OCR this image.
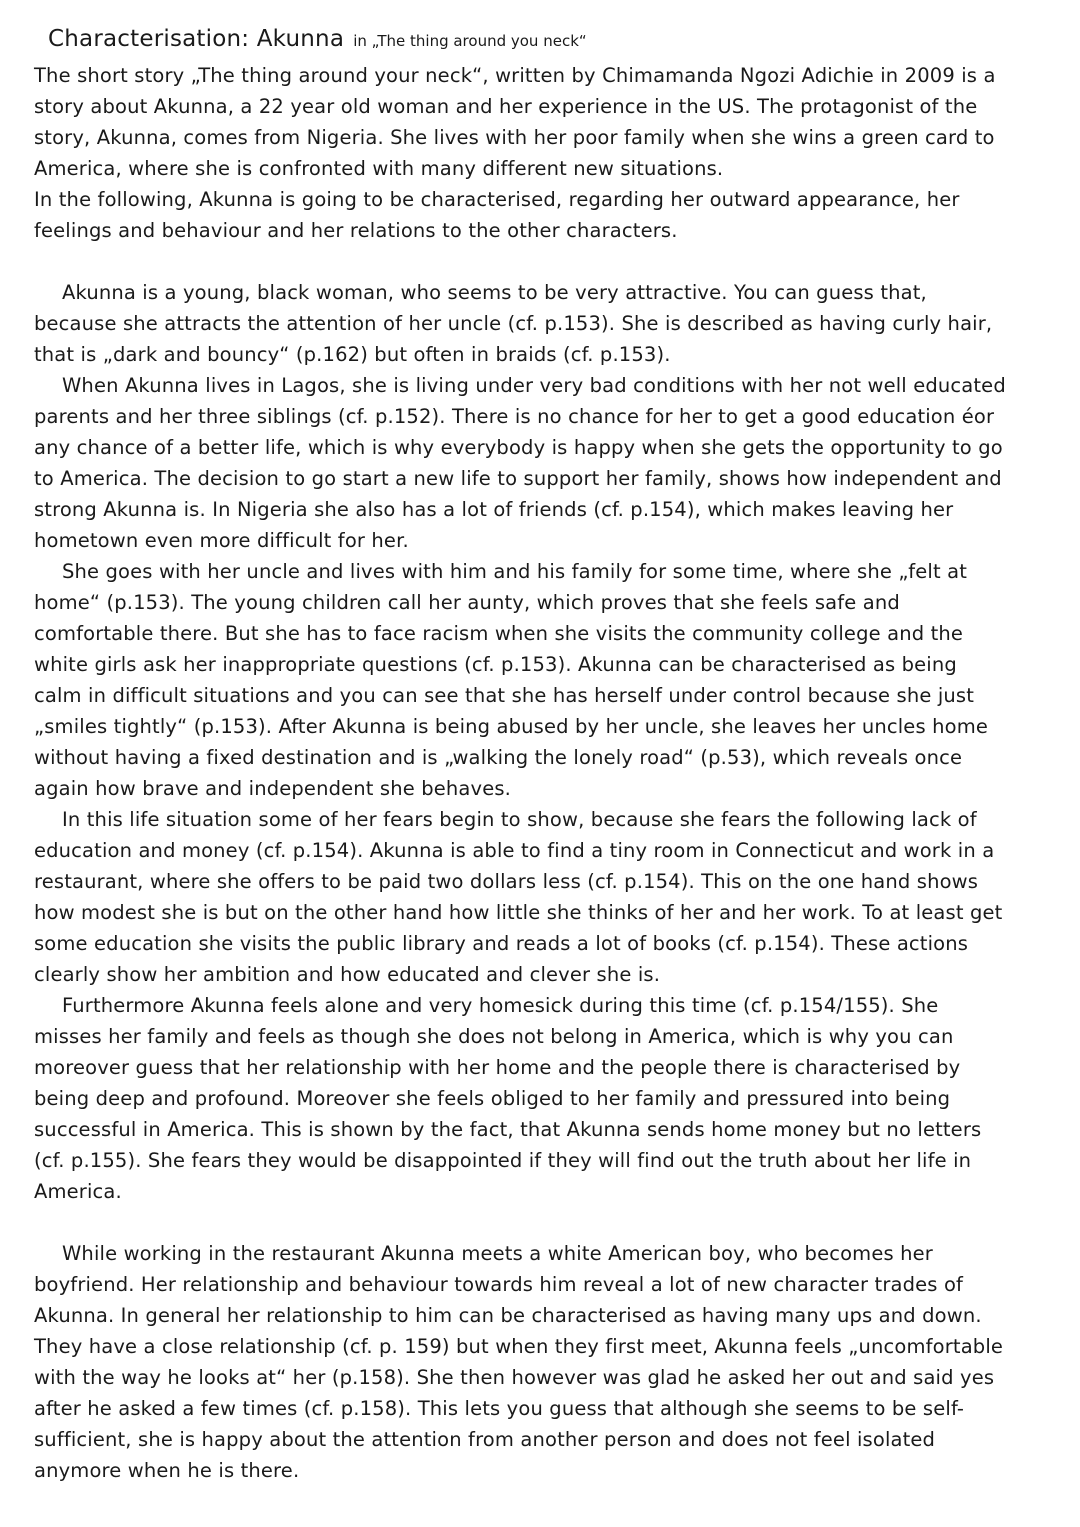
Characterisation: Akunna in „The thing around you neck“

The short story „The thing around your neck“, written by Chimamanda Ngozi Adichie in 2009 is a story about Akunna, a 22 year old woman and her experience in the US. The protagonist of the story, Akunna, comes from Nigeria. She lives with her poor family when she wins a green card to America, where she is confronted with many different new situations.

In the following, Akunna is going to be characterised, regarding her outward appearance, her feelings and behaviour and her relations to the other characters.

Akunna is a young, black woman, who seems to be very attractive. You can guess that, because she attracts the attention of her uncle (cf. p.153). She is described as having curly hair, that is „dark and bouncy“ (p.162) but often in braids (cf. p.153).

When Akunna lives in Lagos, she is living under very bad conditions with her not well educated parents and her three siblings (cf. p.152). There is no chance for her to get a good education éor any chance of a better life, which is why everybody is happy when she gets the opportunity to go to America. The decision to go start a new life to support her family, shows how independent and strong Akunna is. In Nigeria she also has a lot of friends (cf. p.154), which makes leaving her hometown even more difficult for her.

She goes with her uncle and lives with him and his family for some time, where she „felt at home“ (p.153). The young children call her aunty, which proves that she feels safe and comfortable there. But she has to face racism when she visits the community college and the white girls ask her inappropriate questions (cf. p.153). Akunna can be characterised as being calm in difficult situations and you can see that she has herself under control because she just „smiles tightly“ (p.153). After Akunna is being abused by her uncle, she leaves her uncles home without having a fixed destination and is „walking the lonely road“ (p.53), which reveals once again how brave and independent she behaves.

In this life situation some of her fears begin to show, because she fears the following lack of education and money (cf. p.154). Akunna is able to find a tiny room in Connecticut and work in a restaurant, where she offers to be paid two dollars less (cf. p.154). This on the one hand shows how modest she is but on the other hand how little she thinks of her and her work. To at least get some education she visits the public library and reads a lot of books (cf. p.154). These actions clearly show her ambition and how educated and clever she is.

Furthermore Akunna feels alone and very homesick during this time (cf. p.154/155). She misses her family and feels as though she does not belong in America, which is why you can moreover guess that her relationship with her home and the people there is characterised by being deep and profound. Moreover she feels obliged to her family and pressured into being successful in America. This is shown by the fact, that Akunna sends home money but no letters (cf. p.155). She fears they would be disappointed if they will find out the truth about her life in America.

While working in the restaurant Akunna meets a white American boy, who becomes her boyfriend. Her relationship and behaviour towards him reveal a lot of new character trades of Akunna. In general her relationship to him can be characterised as having many ups and down. They have a close relationship (cf. p. 159) but when they first meet, Akunna feels „uncomfortable with the way he looks at“ her (p.158). She then however was glad he asked her out and said yes after he asked a few times (cf. p.158). This lets you guess that although she seems to be self-sufficient, she is happy about the attention from another person and does not feel isolated anymore when he is there.
